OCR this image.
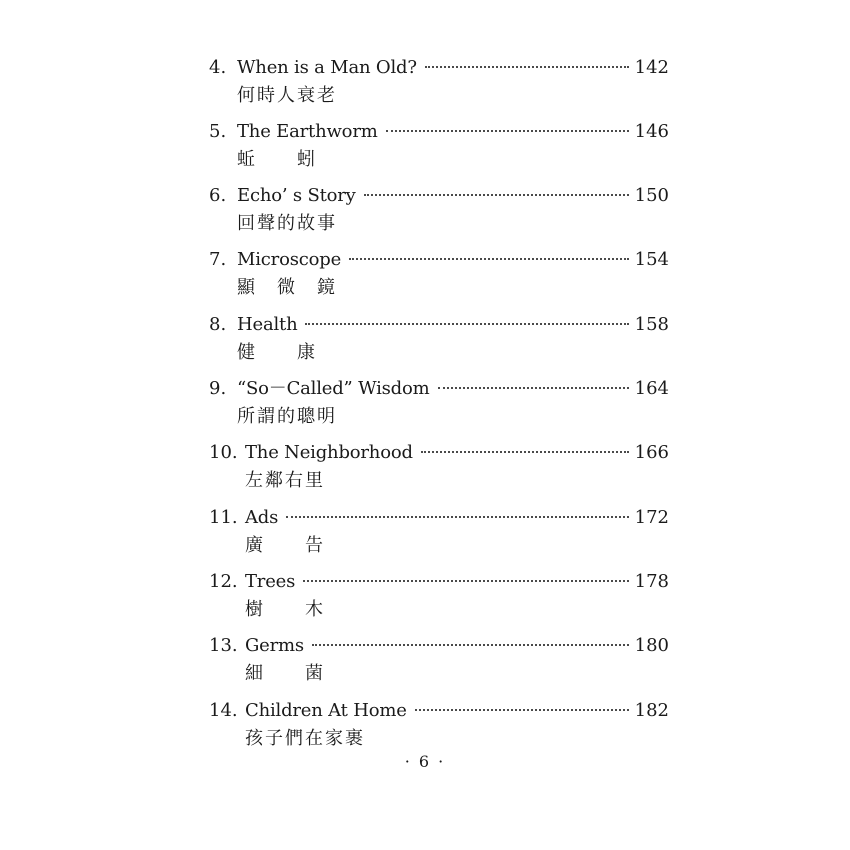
4. When is a Man Old?	142
何時人衰老
5. The Earthworm	146
蚯　　蚓
6. Echo’ s Story	150
回聲的故事
7. Microscope	154
顯　微　鏡
8. Health	158
健　　康
9. “So－Called” Wisdom	164
所謂的聰明
10. The Neighborhood	166
左鄰右里
11. Ads	172
廣　　告
12. Trees	178
樹　　木
13. Germs	180
細　　菌
14. Children At Home	182
孩子們在家裹
· 6 ·
